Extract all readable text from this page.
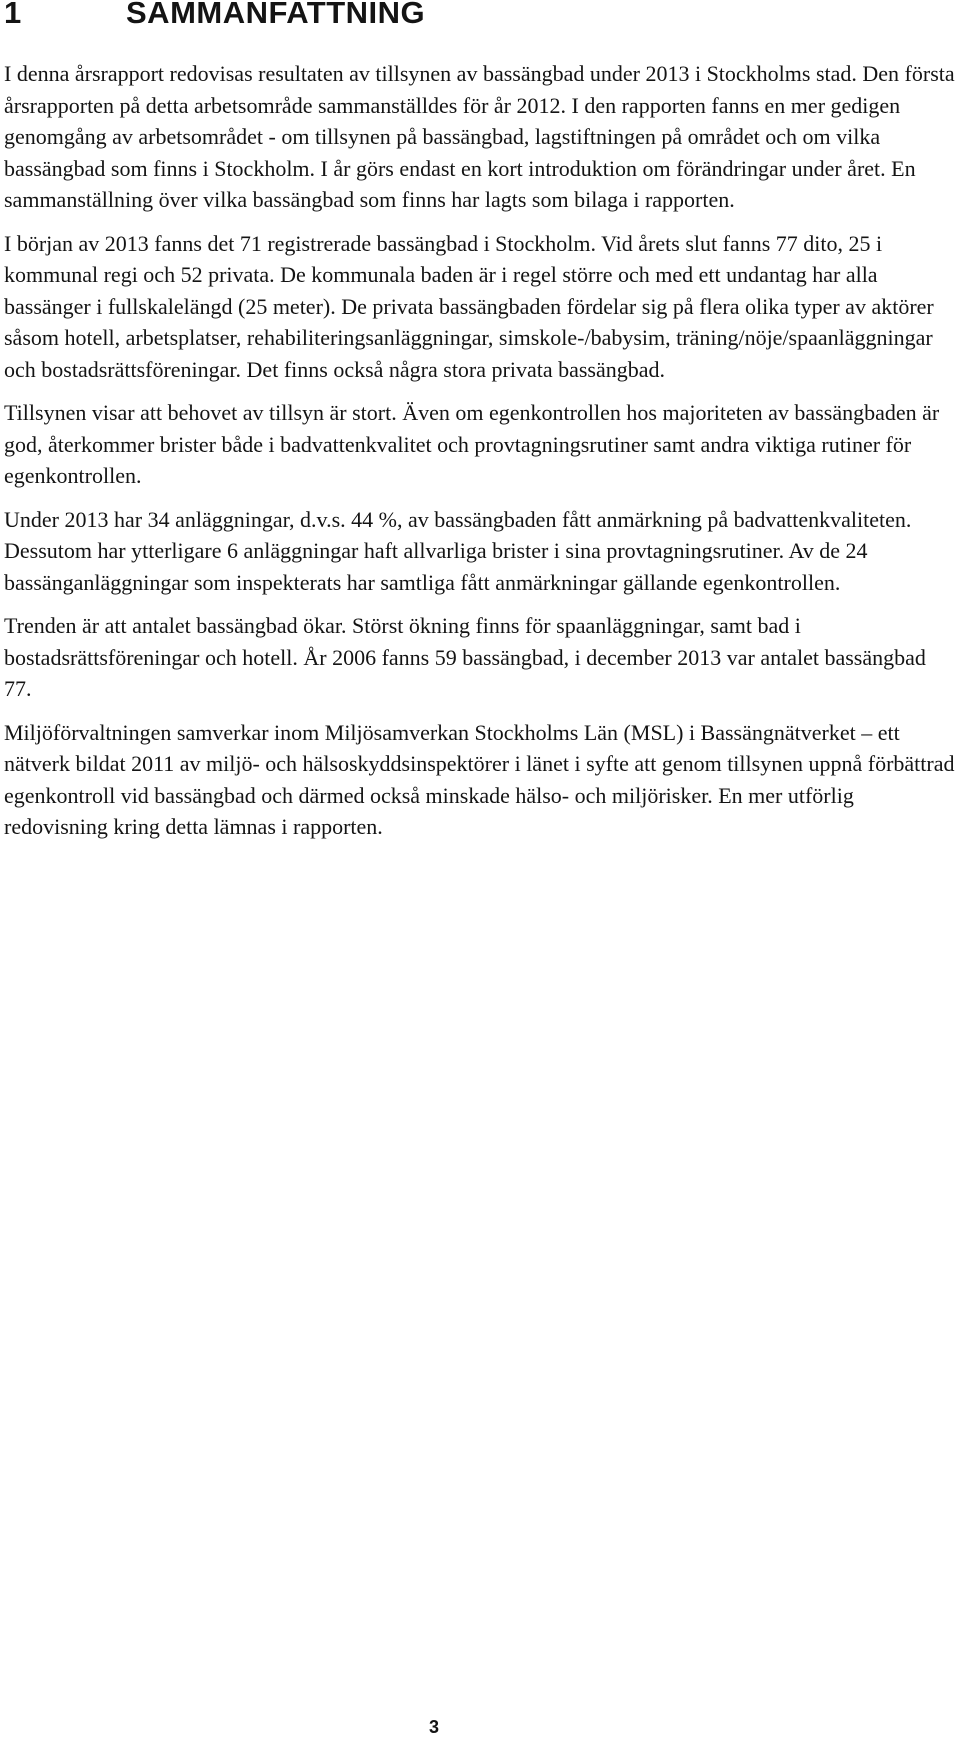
1	SAMMANFATTNING

I denna årsrapport redovisas resultaten av tillsynen av bassängbad under 2013 i Stockholms stad. Den första årsrapporten på detta arbetsområde sammanställdes för år 2012. I den rapporten fanns en mer gedigen genomgång av arbetsområdet - om tillsynen på bassängbad, lagstiftningen på området och om vilka bassängbad som finns i Stockholm. I år görs endast en kort introduktion om förändringar under året. En sammanställning över vilka bassängbad som finns har lagts som bilaga i rapporten.

I början av 2013 fanns det 71 registrerade bassängbad i Stockholm. Vid årets slut fanns 77 dito, 25 i kommunal regi och 52 privata. De kommunala baden är i regel större och med ett undantag har alla bassänger i fullskalelängd (25 meter). De privata bassängbaden fördelar sig på flera olika typer av aktörer såsom hotell, arbetsplatser, rehabiliteringsanläggningar, simskole-/babysim, träning/nöje/spaanläggningar och bostadsrättsföreningar. Det finns också några stora privata bassängbad.

Tillsynen visar att behovet av tillsyn är stort. Även om egenkontrollen hos majoriteten av bassängbaden är god, återkommer brister både i badvattenkvalitet och provtagningsrutiner samt andra viktiga rutiner för egenkontrollen.

Under 2013 har 34 anläggningar, d.v.s. 44 %, av bassängbaden fått anmärkning på badvattenkvaliteten. Dessutom har ytterligare 6 anläggningar haft allvarliga brister i sina provtagningsrutiner. Av de 24 bassänganläggningar som inspekterats har samtliga fått anmärkningar gällande egenkontrollen.

Trenden är att antalet bassängbad ökar. Störst ökning finns för spaanläggningar, samt bad i bostadsrättsföreningar och hotell. År 2006 fanns 59 bassängbad, i december 2013 var antalet bassängbad 77.

Miljöförvaltningen samverkar inom Miljösamverkan Stockholms Län (MSL) i Bassängnätverket – ett nätverk bildat 2011 av miljö- och hälsoskyddsinspektörer i länet i syfte att genom tillsynen uppnå förbättrad egenkontroll vid bassängbad och därmed också minskade hälso- och miljörisker. En mer utförlig redovisning kring detta lämnas i rapporten.

3
